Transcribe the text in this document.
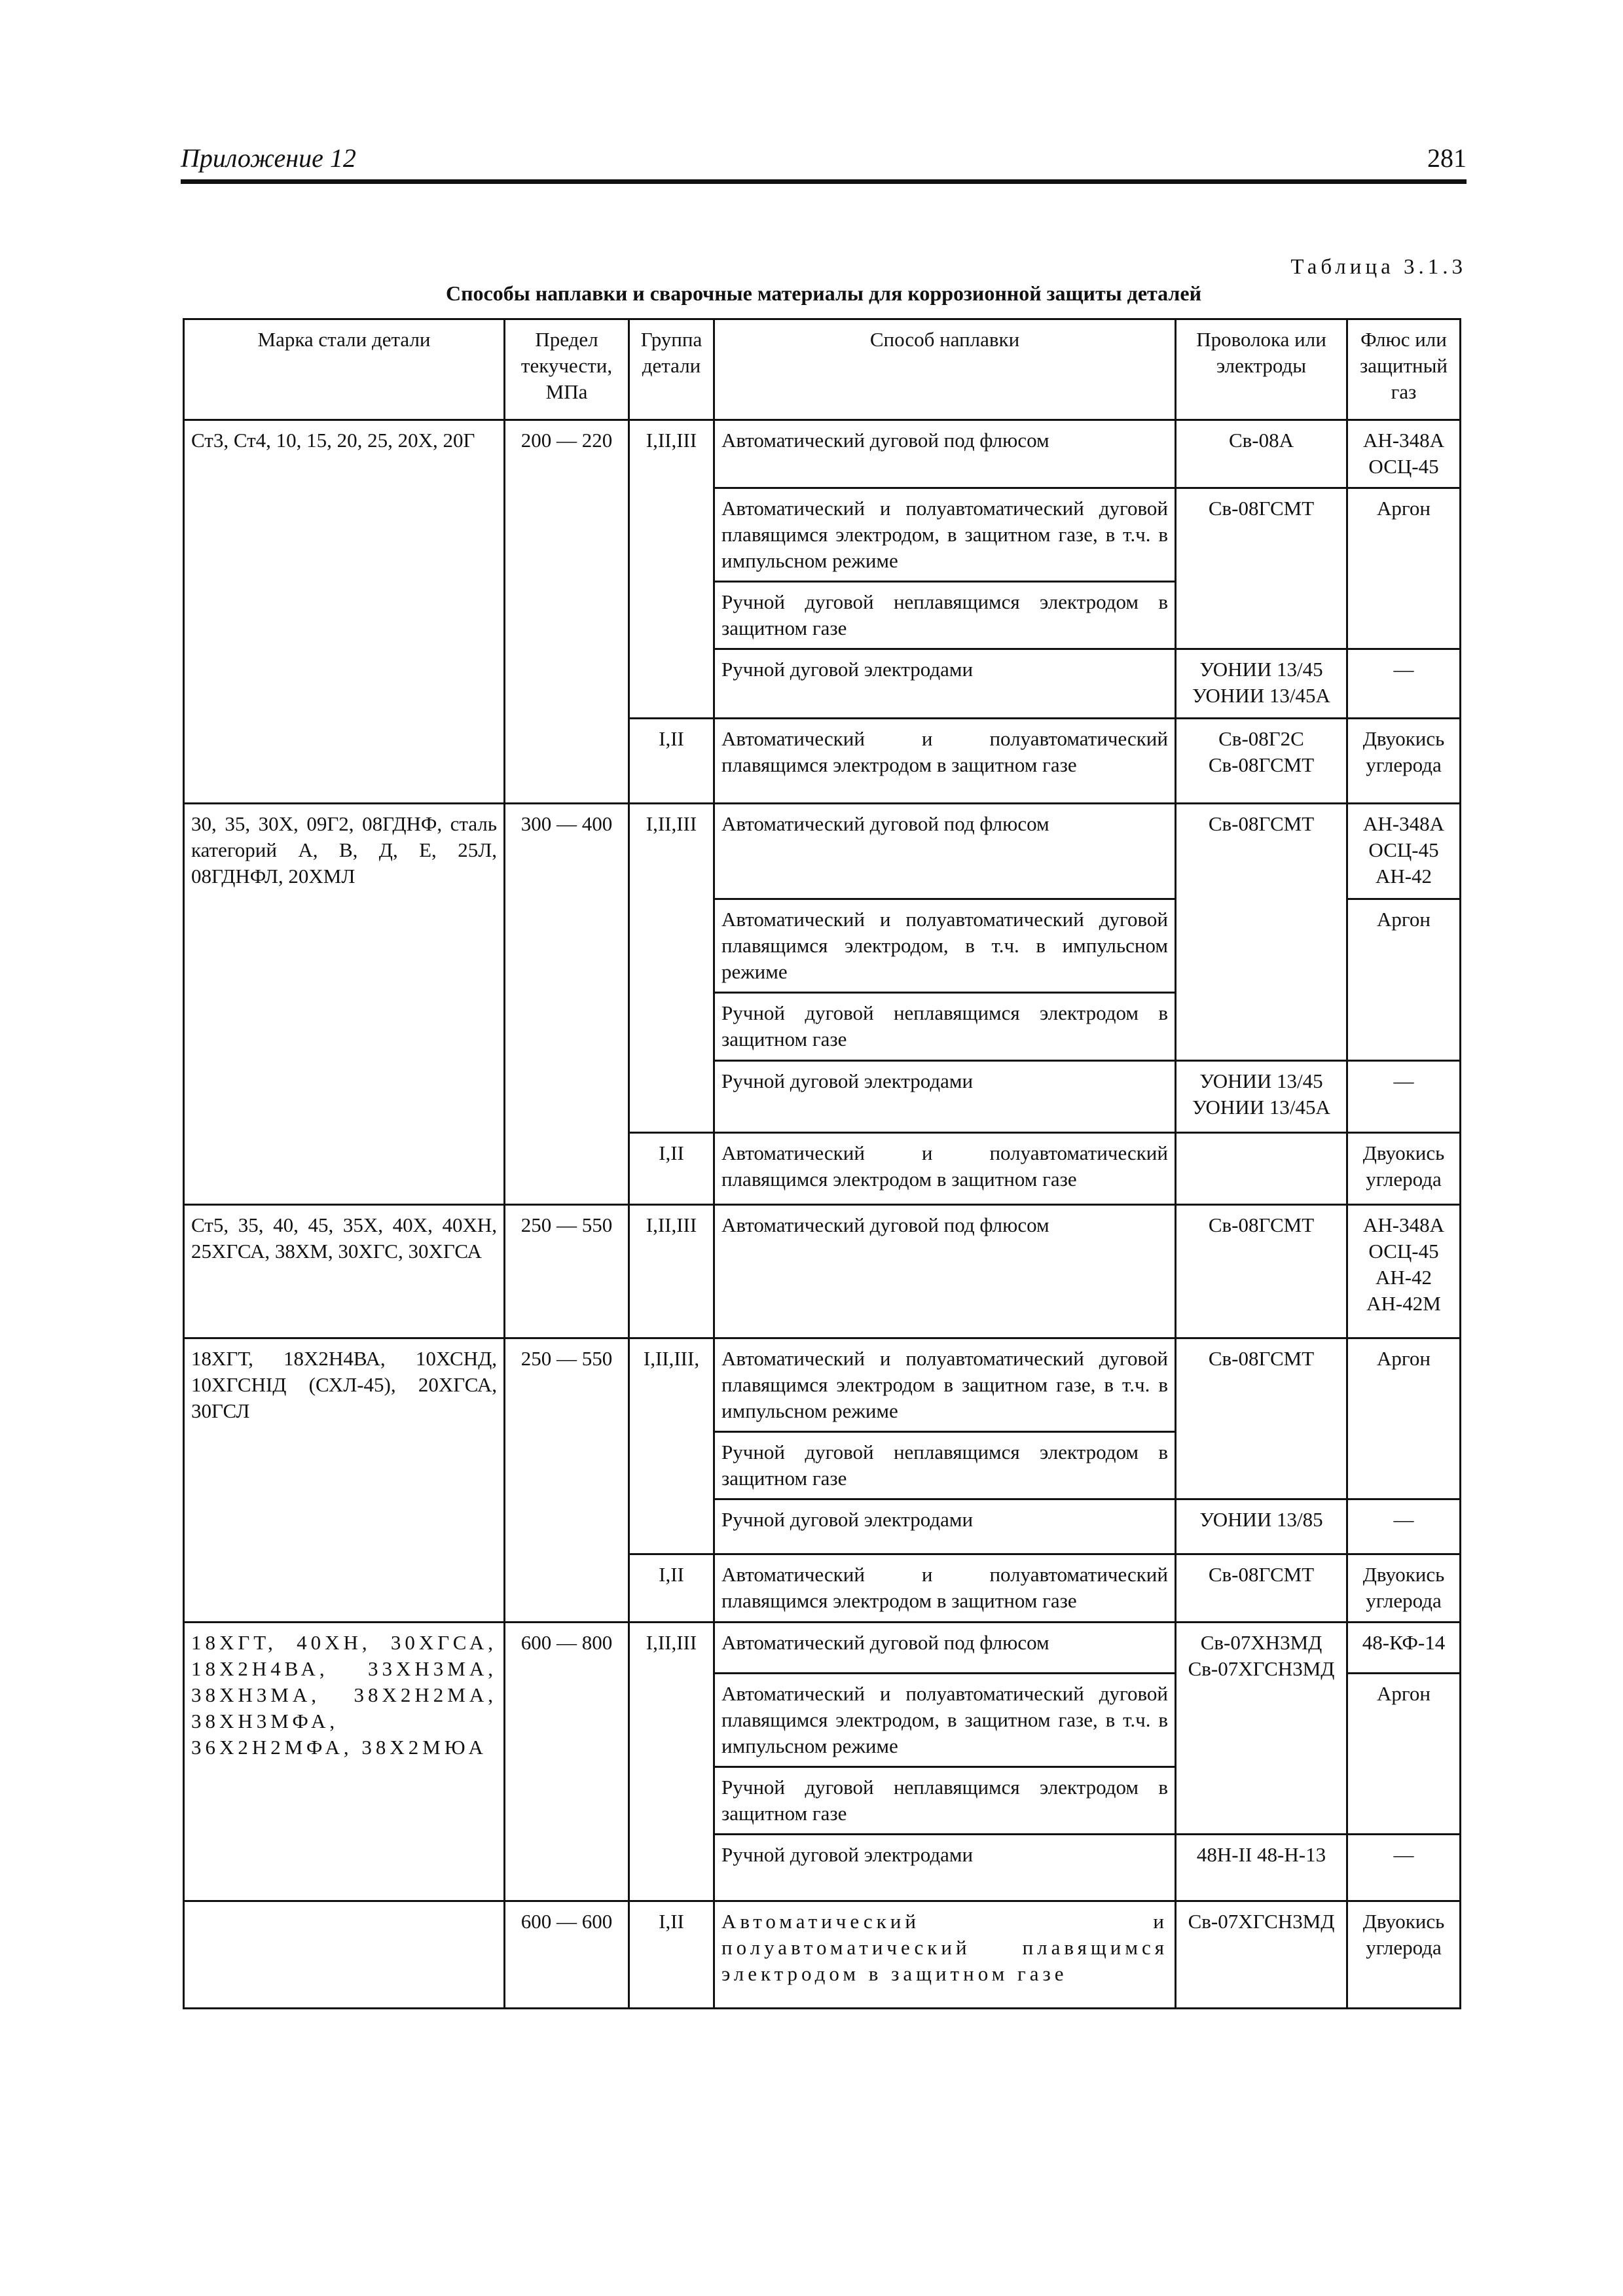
Приложение 12	281
Таблица 3.1.3
Способы наплавки и сварочные материалы для коррозионной защиты деталей
Марка стали детали	Предел текучести, МПа	Группа детали	Способ наплавки	Проволока или электроды	Флюс или защитный газ
Ст3, Ст4, 10, 15, 20, 25, 20Х, 20Г	200 — 220	I,II,III	Автоматический дуговой под флюсом	Св-08А	АН-348А ОСЦ-45
			Автоматический и полуавтоматический дуговой плавящимся электродом, в защитном газе, в т.ч. в импульсном режиме	Св-08ГСМТ	Аргон
			Ручной дуговой неплавящимся электродом в защитном газе		
			Ручной дуговой электродами	УОНИИ 13/45 УОНИИ 13/45А	—
		I,II	Автоматический и полуавтоматический плавящимся электродом в защитном газе	Св-08Г2С Св-08ГСМТ	Двуокись углерода
30, 35, 30Х, 09Г2, 08ГДНФ, сталь категорий А, В, Д, Е, 25Л, 08ГДНФЛ, 20ХМЛ	300 — 400	I,II,III	Автоматический дуговой под флюсом	Св-08ГСМТ	АН-348А ОСЦ-45 АН-42
			Автоматический и полуавтоматический дуговой плавящимся электродом, в т.ч. в импульсном режиме		Аргон
			Ручной дуговой неплавящимся электродом в защитном газе		
			Ручной дуговой электродами	УОНИИ 13/45 УОНИИ 13/45А	—
		I,II	Автоматический и полуавтоматический плавящимся электродом в защитном газе		Двуокись углерода
Ст5, 35, 40, 45, 35Х, 40Х, 40ХН, 25ХГСА, 38ХМ, 30ХГС, 30ХГСА	250 — 550	I,II,III	Автоматический дуговой под флюсом	Св-08ГСМТ	АН-348А ОСЦ-45 АН-42 АН-42М
18ХГТ, 18Х2Н4ВА, 10ХСНД, 10ХГСНIД (СХЛ-45), 20ХГСА, 30ГСЛ	250 — 550	I,II,III,	Автоматический и полуавтоматический дуговой плавящимся электродом в защитном газе, в т.ч. в импульсном режиме	Св-08ГСМТ	Аргон
			Ручной дуговой неплавящимся электродом в защитном газе		
			Ручной дуговой электродами	УОНИИ 13/85	—
		I,II	Автоматический и полуавтоматический плавящимся электродом в защитном газе	Св-08ГСМТ	Двуокись углерода
18ХГТ, 40ХН, 30ХГСА, 18Х2Н4ВА, 33ХН3МА, 38ХН3МА, 38Х2Н2МА, 38ХН3МФА, 36Х2Н2МФА, 38Х2МЮА	600 — 800	I,II,III	Автоматический дуговой под флюсом	Св-07ХН3МД Св-07ХГСН3МД	48-КФ-14
			Автоматический и полуавтоматический дуговой плавящимся электродом, в защитном газе, в т.ч. в импульсном режиме		Аргон
			Ручной дуговой неплавящимся электродом в защитном газе		
			Ручной дуговой электродами	48Н-II 48-Н-13	—
	600 — 600	I,II	Автоматический и полуавтоматический плавящимся электродом в защитном газе	Св-07ХГСН3МД	Двуокись углерода
